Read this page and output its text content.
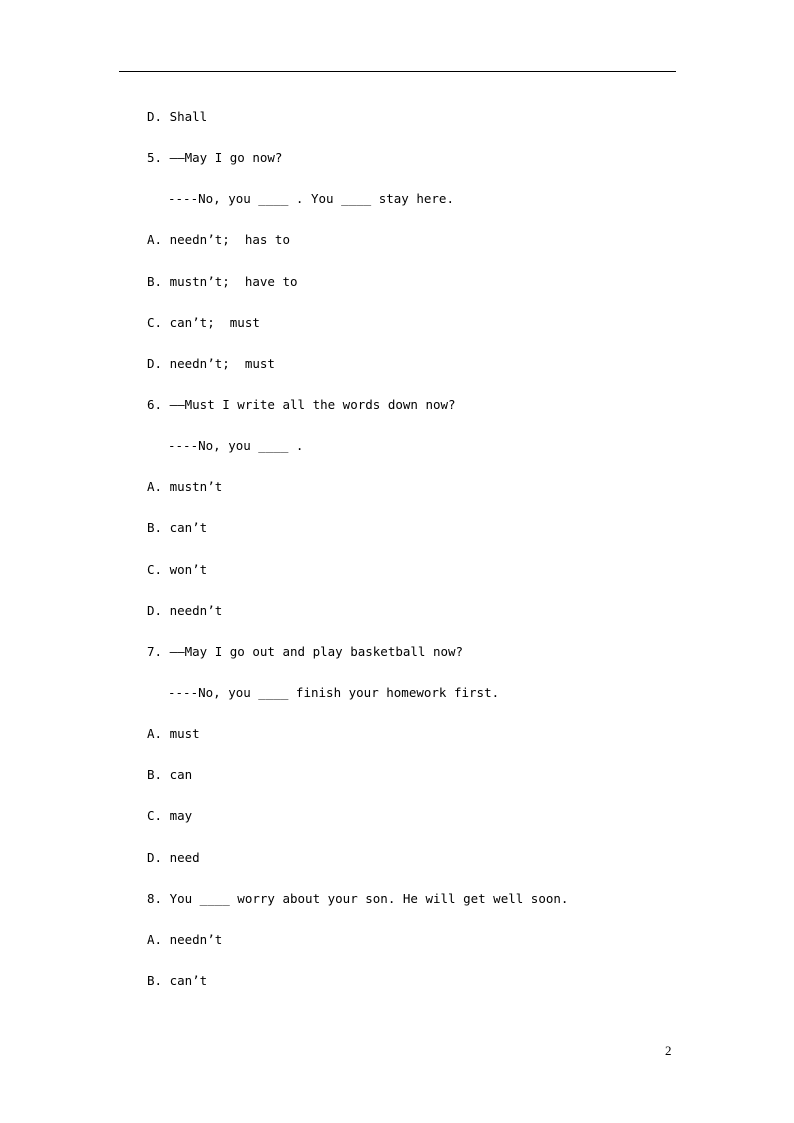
D. Shall
5. ——May I go now?
----No, you ____ . You ____ stay here.
A. needn’t;  has to
B. mustn’t;  have to
C. can’t;  must
D. needn’t;  must
6. ——Must I write all the words down now?
----No, you ____ .
A. mustn’t
B. can’t
C. won’t
D. needn’t
7. ——May I go out and play basketball now?
----No, you ____ finish your homework first.
A. must
B. can
C. may
D. need
8. You ____ worry about your son. He will get well soon.
A. needn’t
B. can’t
2
